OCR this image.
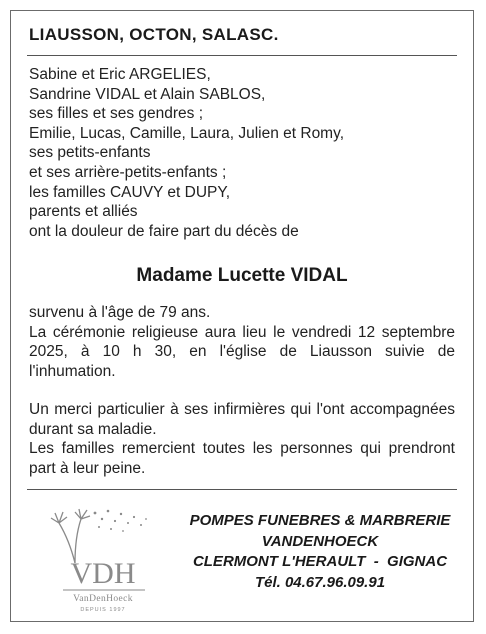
LIAUSSON, OCTON, SALASC.
Sabine et Eric ARGELIES,
Sandrine VIDAL et Alain SABLOS,
ses filles et ses gendres ;
Emilie, Lucas, Camille, Laura, Julien et Romy,
ses petits-enfants
et ses arrière-petits-enfants ;
les familles CAUVY et DUPY,
parents et alliés
ont la douleur de faire part du décès de
Madame Lucette VIDAL
survenu à l'âge de 79 ans.
La cérémonie religieuse aura lieu le vendredi 12 septembre 2025, à 10 h 30, en l'église de Liausson suivie de l'inhumation.
Un merci particulier à ses infirmières qui l'ont accompagnées durant sa maladie.
Les familles remercient toutes les personnes qui prendront part à leur peine.
VDH
VanDenHoeck
DEPUIS 1997
POMPES FUNEBRES & MARBRERIE
VANDENHOECK
CLERMONT L'HERAULT  -  GIGNAC
Tél. 04.67.96.09.91
